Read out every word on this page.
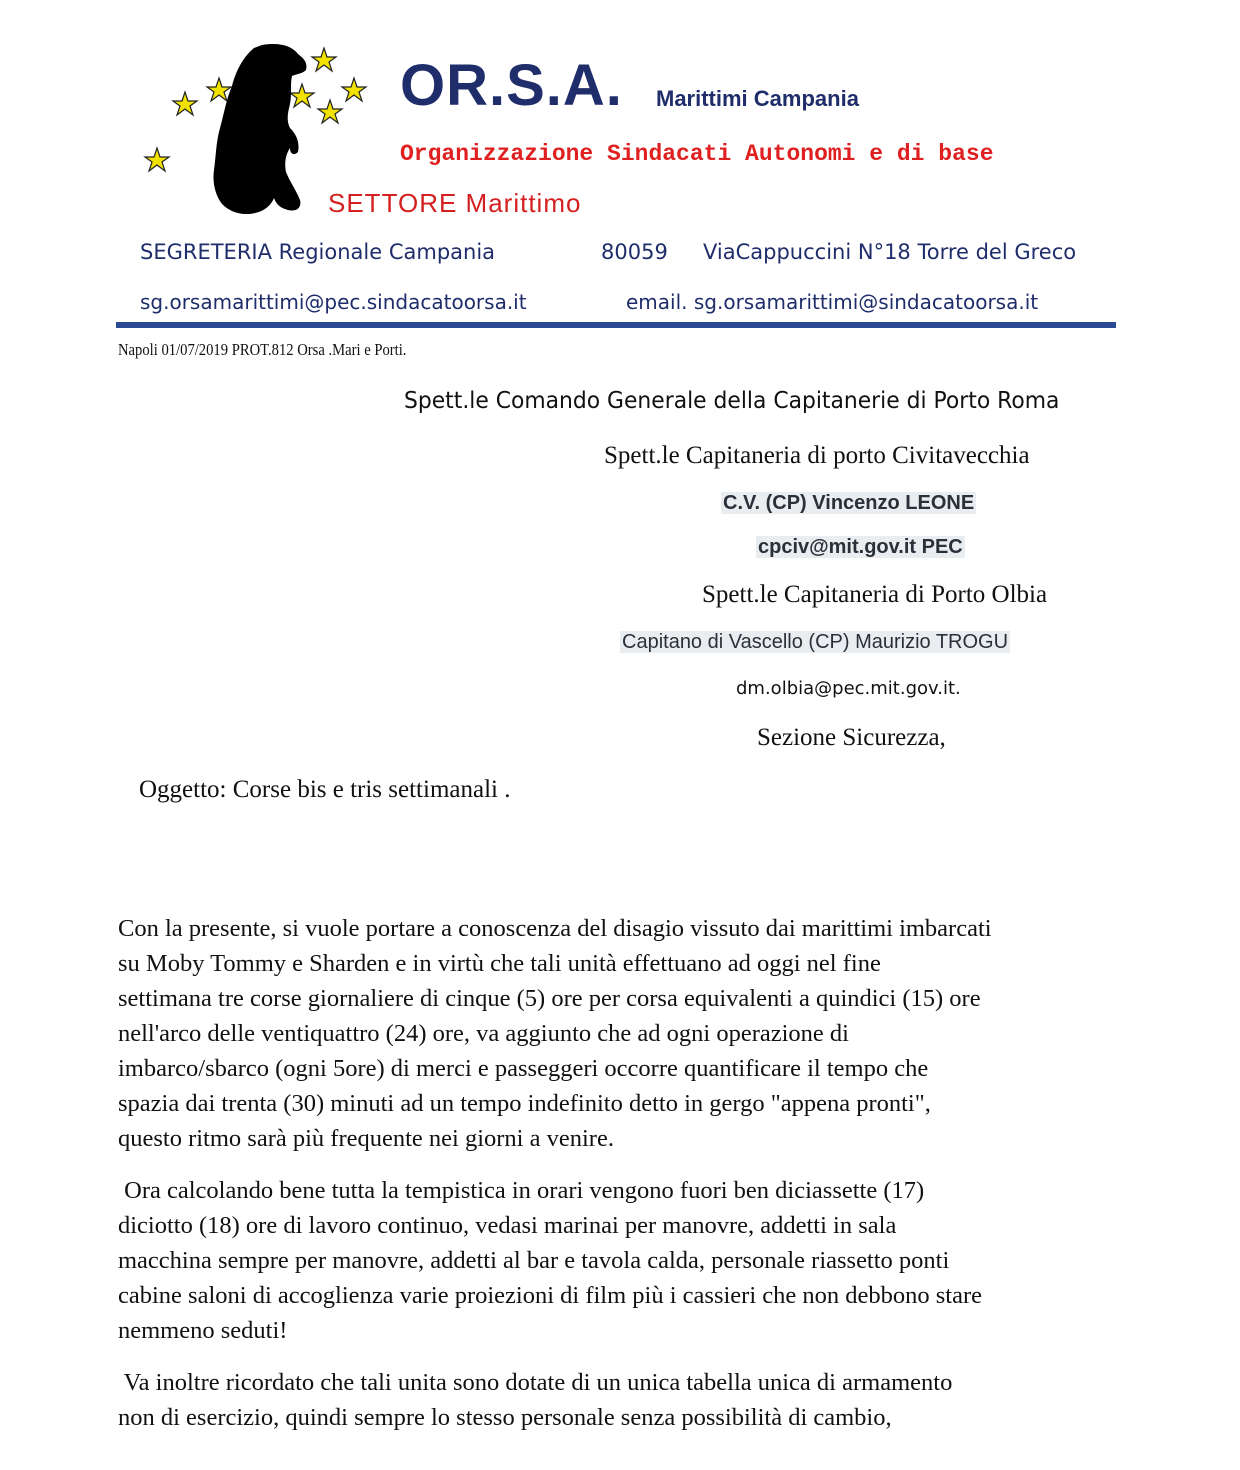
OR.S.A. Marittimi Campania
Organizzazione Sindacati Autonomi e di base
SETTORE Marittimo
SEGRETERIA Regionale Campania	80059 ViaCappuccini N°18 Torre del Greco
sg.orsamarittimi@pec.sindacatoorsa.it	email. sg.orsamarittimi@sindacatoorsa.it
Napoli 01/07/2019 PROT.812 Orsa .Mari e Porti.
Spett.le Comando Generale della Capitanerie di Porto Roma
Spett.le Capitaneria di porto Civitavecchia
C.V. (CP) Vincenzo LEONE
cpciv@mit.gov.it PEC
Spett.le Capitaneria di Porto Olbia
Capitano di Vascello (CP) Maurizio TROGU
dm.olbia@pec.mit.gov.it.
Sezione Sicurezza,
Oggetto: Corse bis e tris settimanali .
Con la presente, si vuole portare a conoscenza del disagio vissuto dai marittimi imbarcati
su Moby Tommy e Sharden e in virtù che tali unità effettuano ad oggi nel fine
settimana tre corse giornaliere di cinque (5) ore per corsa equivalenti a quindici (15) ore
nell'arco delle ventiquattro (24) ore, va aggiunto che ad ogni operazione di
imbarco/sbarco (ogni 5ore) di merci e passeggeri occorre quantificare il tempo che
spazia dai trenta (30) minuti ad un tempo indefinito detto in gergo "appena pronti",
questo ritmo sarà più frequente nei giorni a venire.
Ora calcolando bene tutta la tempistica in orari vengono fuori ben diciassette (17)
diciotto (18) ore di lavoro continuo, vedasi marinai per manovre, addetti in sala
macchina sempre per manovre, addetti al bar e tavola calda, personale riassetto ponti
cabine saloni di accoglienza varie proiezioni di film più i cassieri che non debbono stare
nemmeno seduti!
Va inoltre ricordato che tali unita sono dotate di un unica tabella unica di armamento
non di esercizio, quindi sempre lo stesso personale senza possibilità di cambio,
